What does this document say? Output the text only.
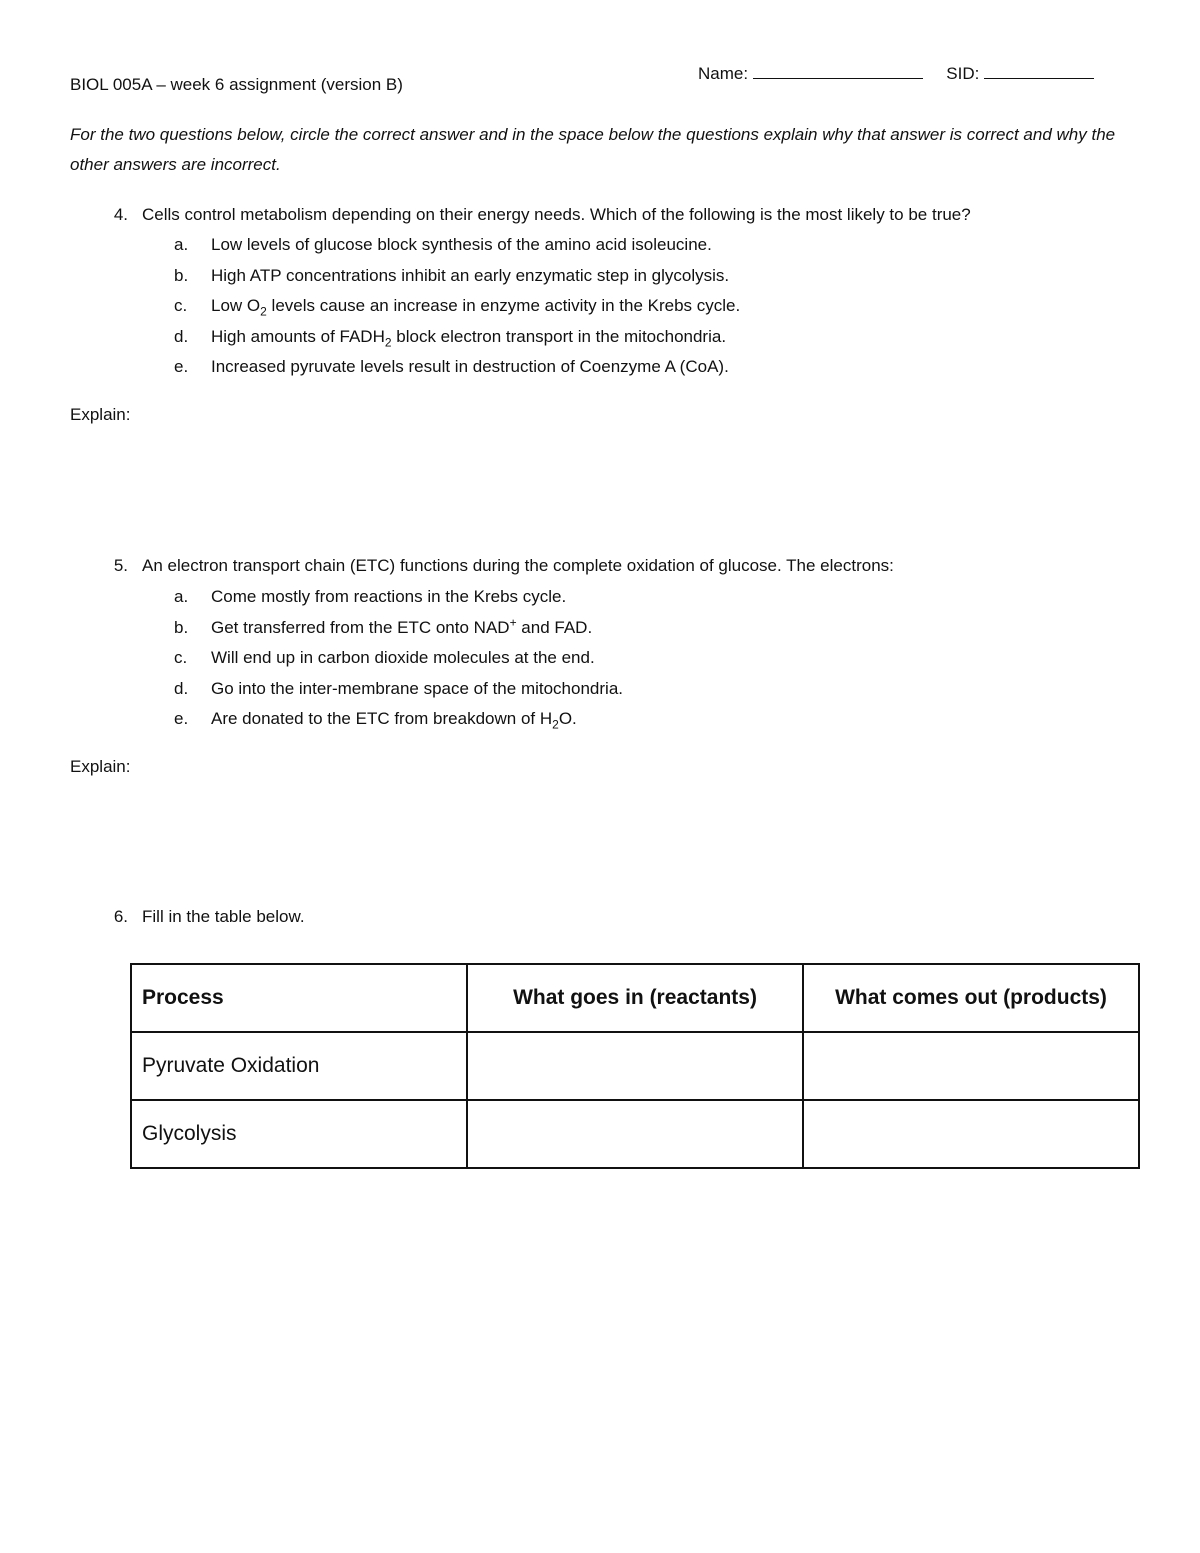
BIOL 005A – week 6 assignment (version B)
Name:	SID:
For the two questions below, circle the correct answer and in the space below the questions explain why that answer is correct and why the other answers are incorrect.
4. Cells control metabolism depending on their energy needs. Which of the following is the most likely to be true?
a. Low levels of glucose block synthesis of the amino acid isoleucine.
b. High ATP concentrations inhibit an early enzymatic step in glycolysis.
c. Low $O_2$ levels cause an increase in enzyme activity in the Krebs cycle.
d. High amounts of $FADH_2$ block electron transport in the mitochondria.
e. Increased pyruvate levels result in destruction of Coenzyme A (CoA).
Explain:
5. An electron transport chain (ETC) functions during the complete oxidation of glucose. The electrons:
a. Come mostly from reactions in the Krebs cycle.
b. Get transferred from the ETC onto NAD+ and FAD.
c. Will end up in carbon dioxide molecules at the end.
d. Go into the inter-membrane space of the mitochondria.
e. Are donated to the ETC from breakdown of $H_2O$.
Explain:
6. Fill in the table below.
Process	What goes in (reactants)	What comes out (products)
Pyruvate Oxidation		
Glycolysis		
